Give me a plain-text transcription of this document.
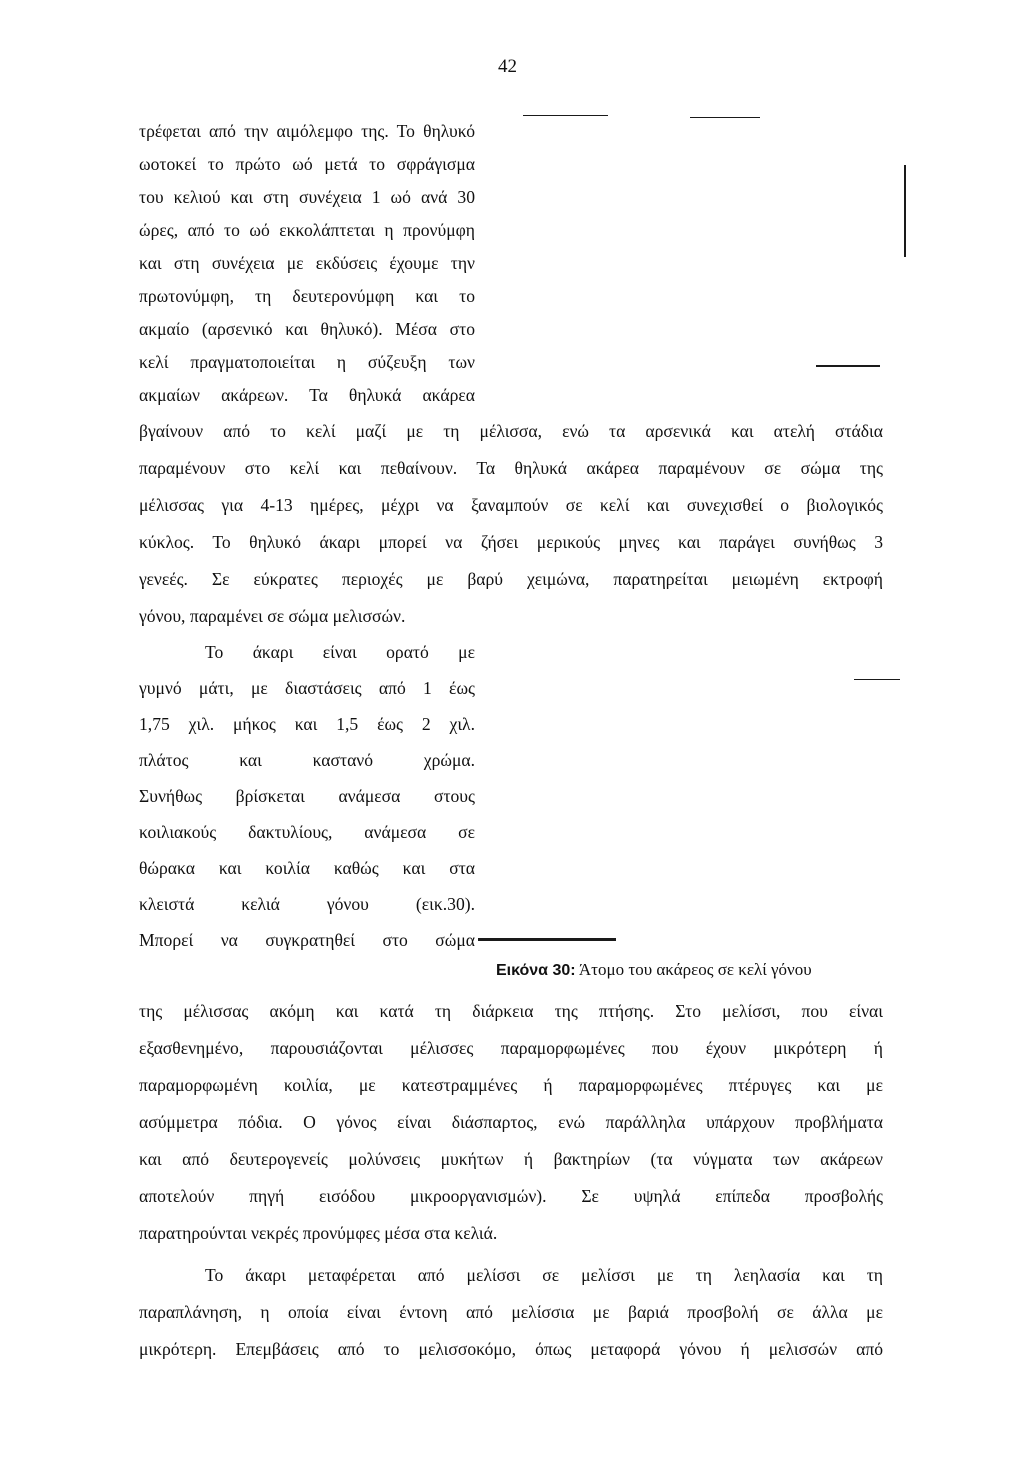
42
τρέφεται από την αιμόλεμφο της. Το θηλυκό
ωοτοκεί το πρώτο ωό μετά το σφράγισμα
του κελιού και στη συνέχεια 1 ωό ανά 30
ώρες, από το ωό εκκολάπτεται η προνύμφη
και στη συνέχεια με εκδύσεις έχουμε την
πρωτονύμφη, τη δευτερονύμφη και το
ακμαίο (αρσενικό και θηλυκό). Μέσα στο
κελί πραγματοποιείται η σύζευξη των
ακμαίων ακάρεων. Τα θηλυκά ακάρεα
βγαίνουν από το κελί μαζί με τη μέλισσα, ενώ τα αρσενικά και ατελή στάδια
παραμένουν στο κελί και πεθαίνουν. Τα θηλυκά ακάρεα παραμένουν σε σώμα της
μέλισσας για 4-13 ημέρες, μέχρι να ξαναμπούν σε κελί και συνεχισθεί ο βιολογικός
κύκλος. Το θηλυκό άκαρι μπορεί να ζήσει μερικούς μηνες και παράγει συνήθως 3
γενεές. Σε εύκρατες περιοχές με βαρύ χειμώνα, παρατηρείται μειωμένη εκτροφή
γόνου, παραμένει σε σώμα μελισσών.
Το άκαρι είναι ορατό με
γυμνό μάτι, με διαστάσεις από 1 έως
1,75 χιλ. μήκος και 1,5 έως 2 χιλ.
πλάτος και καστανό χρώμα.
Συνήθως βρίσκεται ανάμεσα στους
κοιλιακούς δακτυλίους, ανάμεσα σε
θώρακα και κοιλία καθώς και στα
κλειστά κελιά γόνου (εικ.30).
Μπορεί να συγκρατηθεί στο σώμα
Εικόνα 30: Άτομο του ακάρεος σε κελί γόνου
της μέλισσας ακόμη και κατά τη διάρκεια της πτήσης. Στο μελίσσι, που είναι
εξασθενημένο, παρουσιάζονται μέλισσες παραμορφωμένες που έχουν μικρότερη ή
παραμορφωμένη κοιλία, με κατεστραμμένες ή παραμορφωμένες πτέρυγες και με
ασύμμετρα πόδια. Ο γόνος είναι διάσπαρτος, ενώ παράλληλα υπάρχουν προβλήματα
και από δευτερογενείς μολύνσεις μυκήτων ή βακτηρίων (τα νύγματα των ακάρεων
αποτελούν πηγή εισόδου μικροοργανισμών). Σε υψηλά επίπεδα προσβολής
παρατηρούνται νεκρές προνύμφες μέσα στα κελιά.
Το άκαρι μεταφέρεται από μελίσσι σε μελίσσι με τη λεηλασία και τη
παραπλάνηση, η οποία είναι έντονη από μελίσσια με βαριά προσβολή σε άλλα με
μικρότερη. Επεμβάσεις από το μελισσοκόμο, όπως μεταφορά γόνου ή μελισσών από
